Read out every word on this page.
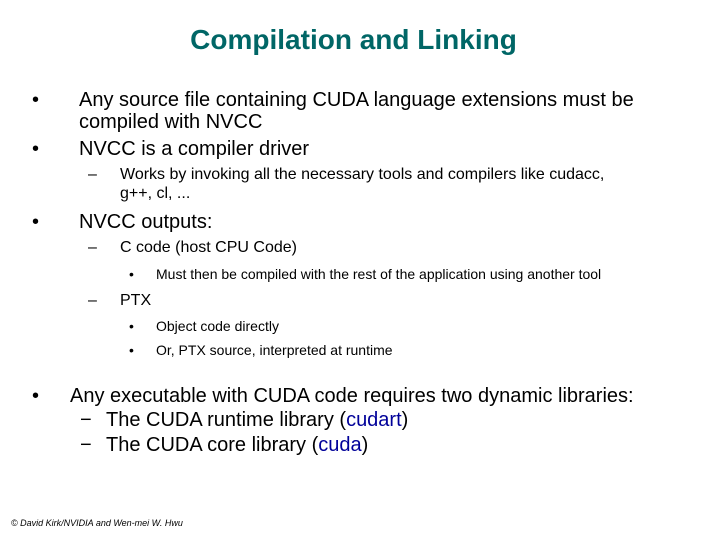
Compilation and Linking
• Any source file containing CUDA language extensions must be
compiled with NVCC
• NVCC is a compiler driver
– Works by invoking all the necessary tools and compilers like cudacc,
g++, cl, ...
• NVCC outputs:
– C code (host CPU Code)
• Must then be compiled with the rest of the application using another tool
– PTX
• Object code directly
• Or, PTX source, interpreted at runtime
• Any executable with CUDA code requires two dynamic libraries:
− The CUDA runtime library (cudart)
− The CUDA core library (cuda)
© David Kirk/NVIDIA and Wen-mei W. Hwu
